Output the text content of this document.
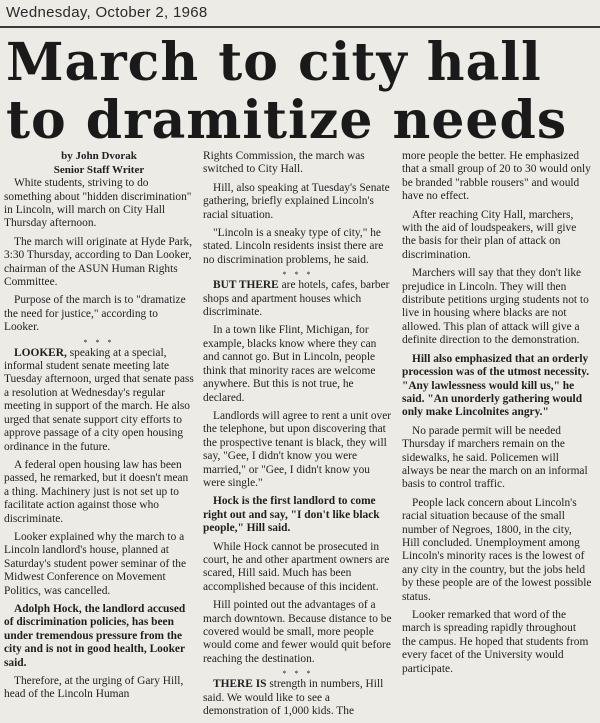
Wednesday, October 2, 1968
March to city hall
to dramitize needs
by John Dvorak
Senior Staff Writer

White students, striving to do something about "hidden discrimination" in Lincoln, will march on City Hall Thursday afternoon.

The march will originate at Hyde Park, 3:30 Thursday, according to Dan Looker, chairman of the ASUN Human Rights Committee.

Purpose of the march is to "dramatize the need for justice," according to Looker.

* * *

LOOKER, speaking at a special, informal student senate meeting late Tuesday afternoon, urged that senate pass a resolution at Wednesday's regular meeting in support of the march. He also urged that senate support city efforts to approve passage of a city open housing ordinance in the future.

A federal open housing law has been passed, he remarked, but it doesn't mean a thing. Machinery just is not set up to facilitate action against those who discriminate.

Looker explained why the march to a Lincoln landlord's house, planned at Saturday's student power seminar of the Midwest Conference on Movement Politics, was cancelled.

Adolph Hock, the landlord accused of discrimination policies, has been under tremendous pressure from the city and is not in good health, Looker said.

Therefore, at the urging of Gary Hill, head of the Lincoln Human

Rights Commission, the march was switched to City Hall.

Hill, also speaking at Tuesday's Senate gathering, briefly explained Lincoln's racial situation.

"Lincoln is a sneaky type of city," he stated. Lincoln residents insist there are no discrimination problems, he said.

* * *

BUT THERE are hotels, cafes, barber shops and apartment houses which discriminate.

In a town like Flint, Michigan, for example, blacks know where they can and cannot go. But in Lincoln, people think that minority races are welcome anywhere. But this is not true, he declared.

Landlords will agree to rent a unit over the telephone, but upon discovering that the prospective tenant is black, they will say, "Gee, I didn't know you were married," or "Gee, I didn't know you were single."

Hock is the first landlord to come right out and say, "I don't like black people," Hill said.

While Hock cannot be prosecuted in court, he and other apartment owners are scared, Hill said. Much has been accomplished because of this incident.

Hill pointed out the advantages of a march downtown. Because distance to be covered would be small, more people would come and fewer would quit before reaching the destination.

* * *

THERE IS strength in numbers, Hill said. We would like to see a demonstration of 1,000 kids. The

more people the better. He emphasized that a small group of 20 to 30 would only be branded "rabble rousers" and would have no effect.

After reaching City Hall, marchers, with the aid of loudspeakers, will give the basis for their plan of attack on discrimination.

Marchers will say that they don't like prejudice in Lincoln. They will then distribute petitions urging students not to live in housing where blacks are not allowed. This plan of attack will give a definite direction to the demonstration.

Hill also emphasized that an orderly procession was of the utmost necessity. "Any lawlessness would kill us," he said. "An unorderly gathering would only make Lincolnites angry."

No parade permit will be needed Thursday if marchers remain on the sidewalks, he said. Policemen will always be near the march on an informal basis to control traffic.

People lack concern about Lincoln's racial situation because of the small number of Negroes, 1800, in the city, Hill concluded. Unemployment among Lincoln's minority races is the lowest of any city in the country, but the jobs held by these people are of the lowest possible status.

Looker remarked that word of the march is spreading rapidly throughout the campus. He hoped that students from every facet of the University would participate.
